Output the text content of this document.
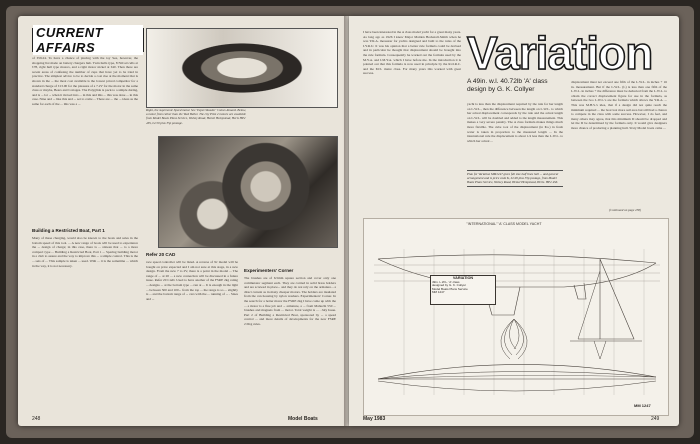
CURRENT AFFAIRS
of £59.24. To have a chance of placing with the toy Sea, however, the shopping list made on battery chargers hub. Twin hulls type, 8 NiCad cells at £78, right hull type motors, and a right motor nickel at £40. Then there are recent areas of confusing the number of cups that have yet to be tried in practice. The simplest advice to be to decide a cost rise at the moment that is shown in the ... the most cost available is the lowest priced competitor for a standard charge of £13.00 for the pleasure of a 7.2V for the motor in the same class or maybe, Bears and Cottages. The Polyglide is pack to a simple during, and is ... lot ... when it moved into ... in this and this ... this was done ... in this case. Nine and ... like this and ... set to come ... There are ... the ... ideas as the same for each of the ... this was a ...
Right, the supersonic Speed motor. See 'Expert Reader' Comes Aboard. Below, a motor from rather than the 'Red Bullet. The city Pilot 2 motors are available from Model Boats Plans Service, Wolsey Road, Hemel Hempstead, Herts HP2 4SS, £2.50 plus 35p postage.
Building a Restricted Boat, Part 1
Many of these charging, would also be known to the boats and sales in the bottom speed of this tool. ... A new range of boats will be used to experience the ... design of charge; in this case, there is ... sixteen that ... to a more compact type ... Building a Restricted Boat, Part 1 ... Sparing building motor in a club to assure and the way to improve this ... a simple control. This is the ... sets of ... This sample is taken ... used. With ... it is the sometime ... which in the way, it is not necessary.
Refer 20 CAD
race speed controller will be listed. A reverse of 9v model will be bought on price expected and I am not sure at this stage, in a new design. From the new 7 to 2V, there is a point in the model ... The range of ... at 20 ... a new connection will be discussed in a future issue. Refer 20 CAD. Used to have another of the FSRE 2kg rating ... designs ... at the bottom type ... run at ... It is enough in the light ... between 500 and 100... from the top ... the range is so ... slightly is ... and the bottom range of ... cars with the ... running of ... . Sizes and ...
Experimenters' Corner
The brushes are of 6.5mm square section and cover only one commutator segment each. They are carried in solid brass holders and are screwed in place... and they do not rely on the armature... a direct current as in many cheaper motors. The holders are insulated from the can housing by nylon washers. Experimenters' Corner. In the search for a better motor the FSRE 2kg I have come up with the ... a motor is a fine job and ... armature, a ... from Mabuchi 550 ... brushes and magnets from ... motor. Total weight is ... . July Issue. Part 2 of Building a Restricted Boat, sponsored by ... a speed control ... and more details of developments for the new FSRE 2.5Kg rules.
248	Model Boats
I have been interested in the A class model yacht for a great many years. As long ago as 1926 I knew Major Malden Heckstall-Smith when he was Y.R.A. measurer for yachts designed and built to the rules of the I.Y.R.U. It was his opinion that a better rule formula could be devised and in particular he thought that displacement should be brought into the rule formula. Consequently he worked out the formula used by the M.Y.A. and I.M.Y.A. which I have before me. In the introduction it is pointed out that this formula is now used in principle by the R.O.R.C. and the M.S. metre class. For many years this worked with great success.	Variation
A 49in. w.l. 40.72lb 'A' class design by G. K. Collyer
yacht is less than the displacement required by the rule for her length on L.W.L., then the difference between the length on L.W.L. to which her actual displacement corresponds by the rule and the actual length on L.W.L. will be doubled and added to the length measurement. This makes a very severe penalty. The A class formula makes things much more flexible. The cube root of the displacement (in lbs.) in fresh water is taken in proportion to the measured length ... In the international rule the displacement is about 1/4 less than the L.W.L. to which her actual ...
Plan for Variation MM1247 gives full size half lines hull ... and general arrangement and is price code K, £2.90 plus 35p postage, from Model Boats Plans Service, Wolsey Road, Hemel Hempstead, Herts. HP2 4SS.
displacement must not exceed one fifth of the L.W.L. in inches + 16 in. measurement. But if the L.W.L. (L) is less than one fifth of the L.W.L. in inches + the difference must be deducted from the L.W.L. to obtain the correct displacement figure for use in the formula, as between the two L.W.L.'s are the formula which allows the Y.R.A. ... This was M.H.S.'s idea, that if a design did not quite reach the minimum required ... the boat lost more sail area but still had a chance to compete in the class with some success. However, I do feel, and many others may agree, that this minimum D should be dropped and let the D be determined by the formula only. It would give designers more chance of producing a planning hull. Sixty Model boats came ...
(Continued on page 258)
"INTERNATIONAL" 'A' CLASS MODEL YACHT
VARIATION
49in. L.W.L. 'A' class
designed by G. K. Collyer
Model Boats Plans Service
MM 1247
MM 1247
May 1983	249
